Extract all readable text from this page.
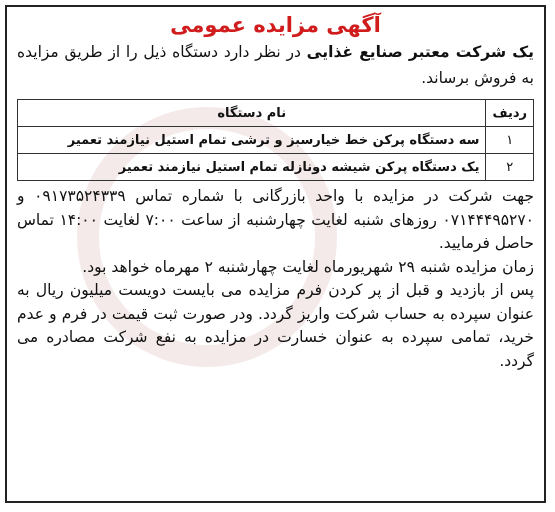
آگهی مزایده عمومی

یک شرکت معتبر صنایع غذایی در نظر دارد دستگاه ذیل را از طریق مزایده به فروش برساند.

ردیف	نام دستگاه
۱	سه دستگاه پرکن خط خیارسبز و ترشی تمام استیل نیازمند تعمیر
۲	یک دستگاه پرکن شیشه دونازله تمام استیل نیازمند تعمیر

جهت شرکت در مزایده با واحد بازرگانی با شماره تماس ۰۹۱۷۳۵۲۴۳۳۹ و ۰۷۱۴۴۴۹۵۲۷۰ روزهای شنبه لغایت چهارشنبه از ساعت ۷:۰۰ لغایت ۱۴:۰۰ تماس حاصل فرمایید.

زمان مزایده شنبه ۲۹ شهریورماه لغایت چهارشنبه ۲ مهرماه خواهد بود.

پس از بازدید و قبل از پر کردن فرم مزایده می بایست دویست میلیون ریال به عنوان سپرده به حساب شرکت واریز گردد. ودر صورت ثبت قیمت در فرم و عدم خرید، تمامی سپرده به عنوان خسارت در مزایده به نفع شرکت مصادره می گردد.
